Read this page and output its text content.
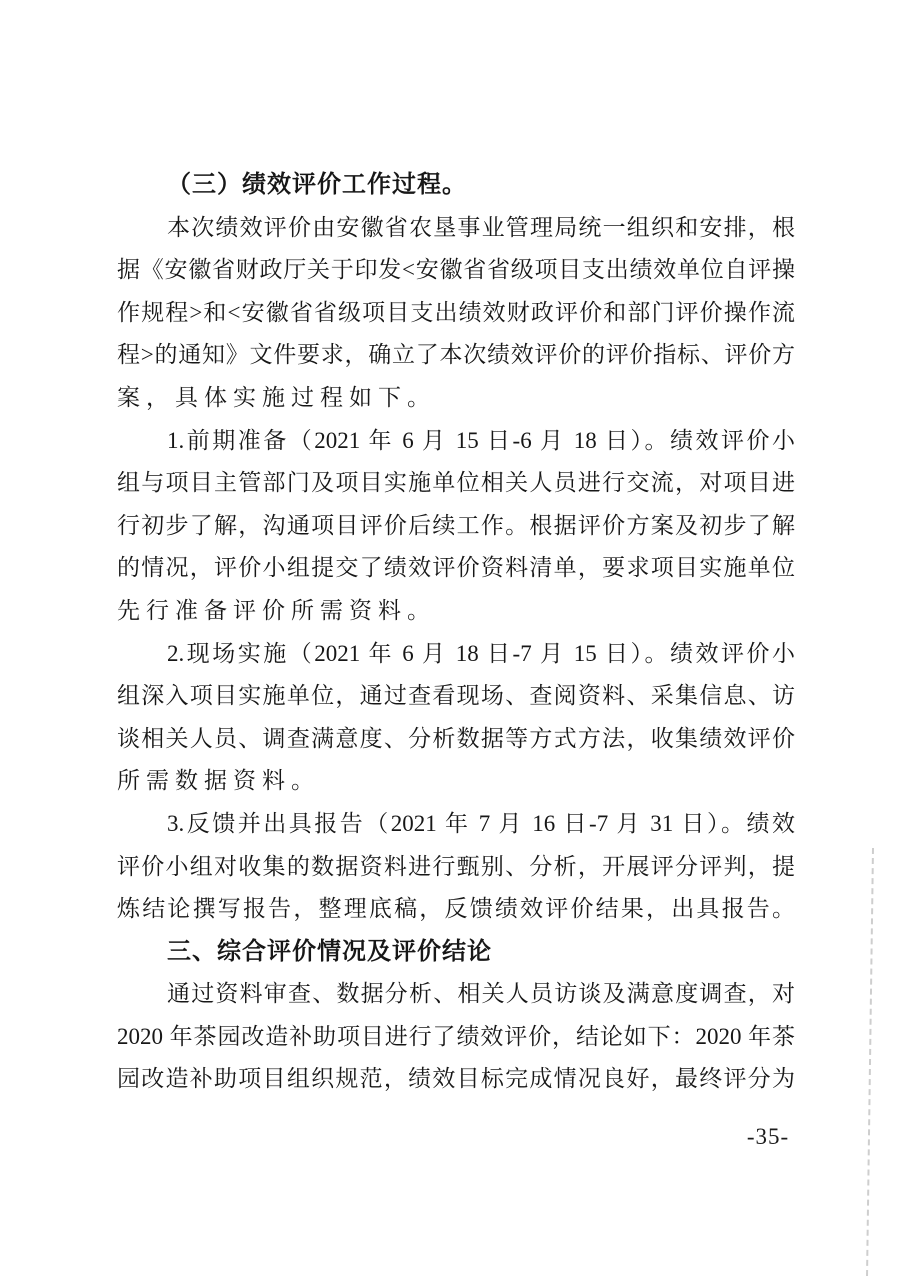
（三）绩效评价工作过程。
本次绩效评价由安徽省农垦事业管理局统一组织和安排，根
据《安徽省财政厅关于印发<安徽省省级项目支出绩效单位自评操
作规程>和<安徽省省级项目支出绩效财政评价和部门评价操作流
程>的通知》文件要求，确立了本次绩效评价的评价指标、评价方
案，具体实施过程如下。
1.前期准备（2021 年 6 月 15 日-6 月 18 日）。绩效评价小
组与项目主管部门及项目实施单位相关人员进行交流，对项目进
行初步了解，沟通项目评价后续工作。根据评价方案及初步了解
的情况，评价小组提交了绩效评价资料清单，要求项目实施单位
先行准备评价所需资料。
2.现场实施（2021 年 6 月 18 日-7 月 15 日）。绩效评价小
组深入项目实施单位，通过查看现场、查阅资料、采集信息、访
谈相关人员、调查满意度、分析数据等方式方法，收集绩效评价
所需数据资料。
3.反馈并出具报告（2021 年 7 月 16 日-7 月 31 日）。绩效
评价小组对收集的数据资料进行甄别、分析，开展评分评判，提
炼结论撰写报告，整理底稿，反馈绩效评价结果，出具报告。
三、综合评价情况及评价结论
通过资料审查、数据分析、相关人员访谈及满意度调查，对
2020 年茶园改造补助项目进行了绩效评价，结论如下：2020 年茶
园改造补助项目组织规范，绩效目标完成情况良好，最终评分为
-35-
